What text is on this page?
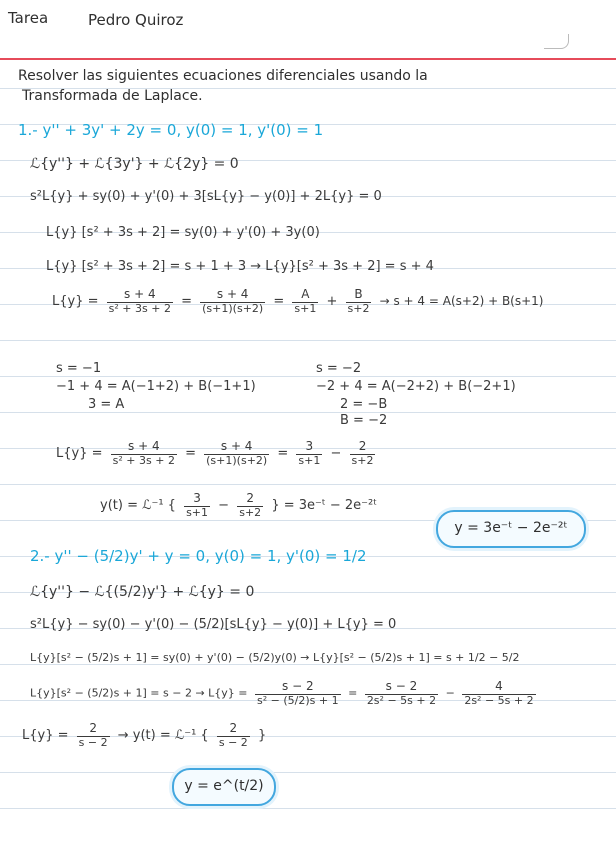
Tarea	Pedro Quiroz
Resolver las siguientes ecuaciones diferenciales usando la
Transformada de Laplace.
1.- y'' + 3y' + 2y = 0, y(0) = 1, y'(0) = 1
ℒ{y''} + ℒ{3y'} + ℒ{2y} = 0
s²L{y} + sy(0) + y'(0) + 3[sL{y} − y(0)] + 2L{y} = 0
L{y} [s² + 3s + 2] = sy(0) + y'(0) + 3y(0)
L{y} [s² + 3s + 2] = s + 1 + 3 → L{y}[s² + 3s + 2] = s + 4
$L\{y\} = \frac{s + 4}{\text{s² + 3s + 2}} = \frac{s + 4}{(s+1)(s+2)} = \frac{A}{s+1} + \frac{B}{s+2} \to s + 4 = A(s+2) + B(s+1)$
s = −1
−1 + 4 = A(−1+2) + B(−1+1)
3 = A
s = −2
−2 + 4 = A(−2+2) + B(−2+1)
2 = −B
B = −2
$L\{y\} = \frac{s + 4}{\text{s² + 3s + 2}} = \frac{s + 4}{(s+1)(s+2)} = \frac{3}{s+1} - \frac{2}{s+2}$
y(t) = ℒ⁻¹ { $\frac{3}{s+1} - \frac{2}{s+2}$ } = 3e⁻ᵗ − 2e⁻²ᵗ
y = 3e⁻ᵗ − 2e⁻²ᵗ
2.- y'' − (5/2)y' + y = 0, y(0) = 1, y'(0) = 1/2
ℒ{y''} − ℒ{(5/2)y'} + ℒ{y} = 0
s²L{y} − sy(0) − y'(0) − (5/2)[sL{y} − y(0)] + L{y} = 0
L{y}[s² − (5/2)s + 1] = sy(0) + y'(0) − (5/2)y(0) → L{y}[s² − (5/2)s + 1] = s + 1/2 − 5/2
$L\{y\}[s^2 - (5/2)s + 1] = s - 2 \to L\{y\} = \frac{s - 2}{\text{s² − (5/2)s + 1}} = \frac{s - 2}{\text{2s² − 5s + 2}} - \frac{4}{\text{2s² − 5s + 2}}$
$L\{y\} = \frac{2}{s - 2} \to y(t)$ = ℒ⁻¹ { $\frac{2}{s - 2}$ }
y = e^(t/2)
